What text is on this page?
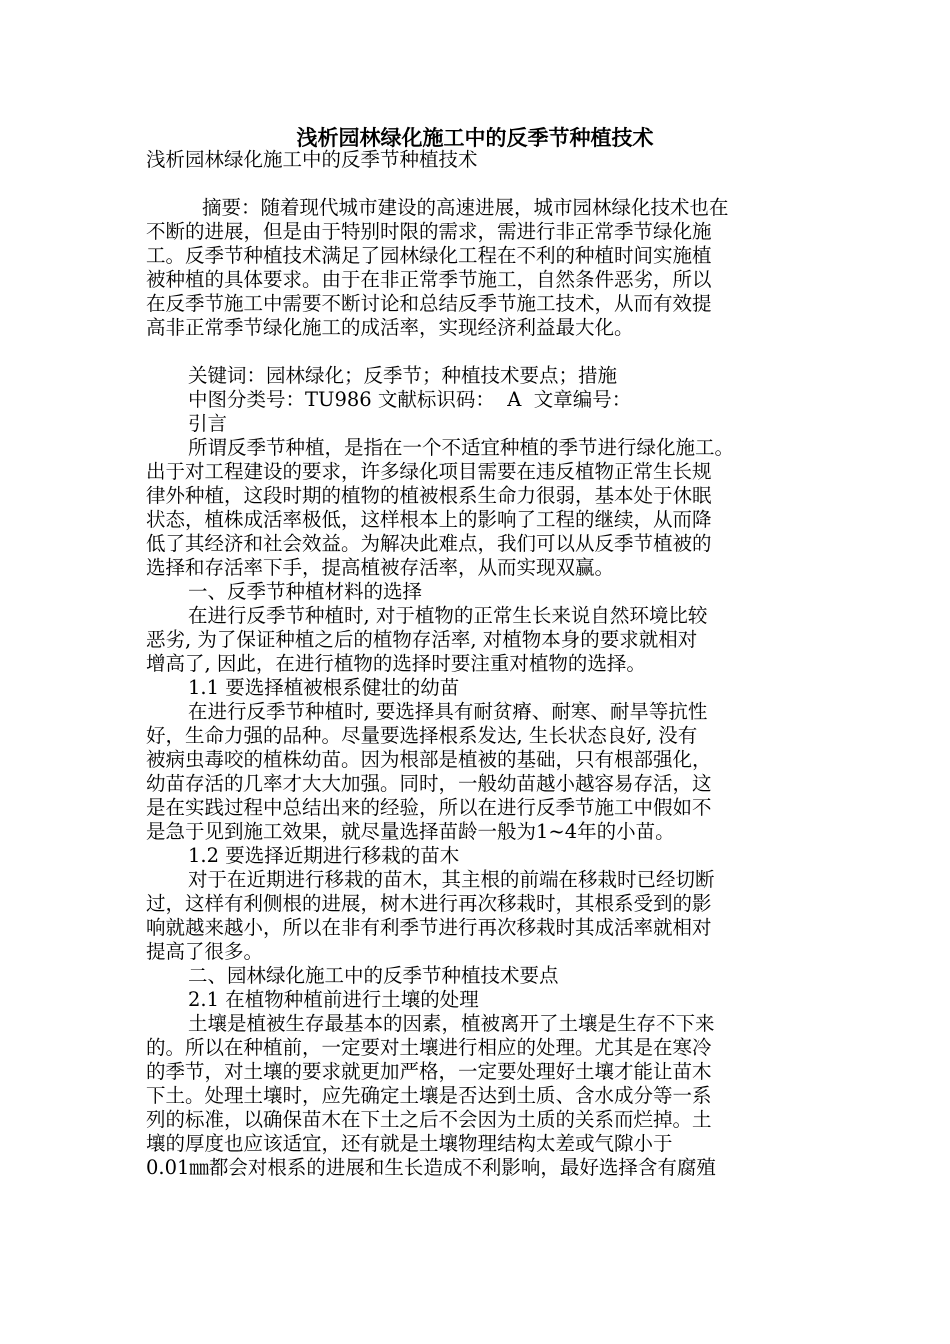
浅析园林绿化施工中的反季节种植技术
浅析园林绿化施工中的反季节种植技术
摘要：随着现代城市建设的高速进展，城市园林绿化技术也在
不断的进展，但是由于特别时限的需求，需进行非正常季节绿化施
工。反季节种植技术满足了园林绿化工程在不利的种植时间实施植
被种植的具体要求。由于在非正常季节施工，自然条件恶劣，所以
在反季节施工中需要不断讨论和总结反季节施工技术，从而有效提
高非正常季节绿化施工的成活率，实现经济利益最大化。
关键词：园林绿化；反季节；种植技术要点；措施
中图分类号：TU986 文献标识码：  A  文章编号：
引言
所谓反季节种植，是指在一个不适宜种植的季节进行绿化施工。
出于对工程建设的要求，许多绿化项目需要在违反植物正常生长规
律外种植，这段时期的植物的植被根系生命力很弱，基本处于休眠
状态，植株成活率极低，这样根本上的影响了工程的继续，从而降
低了其经济和社会效益。为解决此难点，我们可以从反季节植被的
选择和存活率下手，提高植被存活率，从而实现双赢。
一、反季节种植材料的选择
在进行反季节种植时, 对于植物的正常生长来说自然环境比较
恶劣, 为了保证种植之后的植物存活率, 对植物本身的要求就相对
增高了, 因此，在进行植物的选择时要注重对植物的选择。
1.1 要选择植被根系健壮的幼苗
在进行反季节种植时, 要选择具有耐贫瘠、耐寒、耐旱等抗性
好，生命力强的品种。尽量要选择根系发达, 生长状态良好, 没有
被病虫毒咬的植株幼苗。因为根部是植被的基础，只有根部强化，
幼苗存活的几率才大大加强。同时，一般幼苗越小越容易存活，这
是在实践过程中总结出来的经验，所以在进行反季节施工中假如不
是急于见到施工效果，就尽量选择苗龄一般为1~4年的小苗。
1.2 要选择近期进行移栽的苗木
对于在近期进行移栽的苗木，其主根的前端在移栽时已经切断
过，这样有利侧根的进展，树木进行再次移栽时，其根系受到的影
响就越来越小，所以在非有利季节进行再次移栽时其成活率就相对
提高了很多。
二、园林绿化施工中的反季节种植技术要点
2.1 在植物种植前进行土壤的处理
土壤是植被生存最基本的因素，植被离开了土壤是生存不下来
的。所以在种植前，一定要对土壤进行相应的处理。尤其是在寒冷
的季节，对土壤的要求就更加严格，一定要处理好土壤才能让苗木
下土。处理土壤时，应先确定土壤是否达到土质、含水成分等一系
列的标准，以确保苗木在下土之后不会因为土质的关系而烂掉。土
壤的厚度也应该适宜，还有就是土壤物理结构太差或气隙小于
0.01㎜都会对根系的进展和生长造成不利影响，最好选择含有腐殖
